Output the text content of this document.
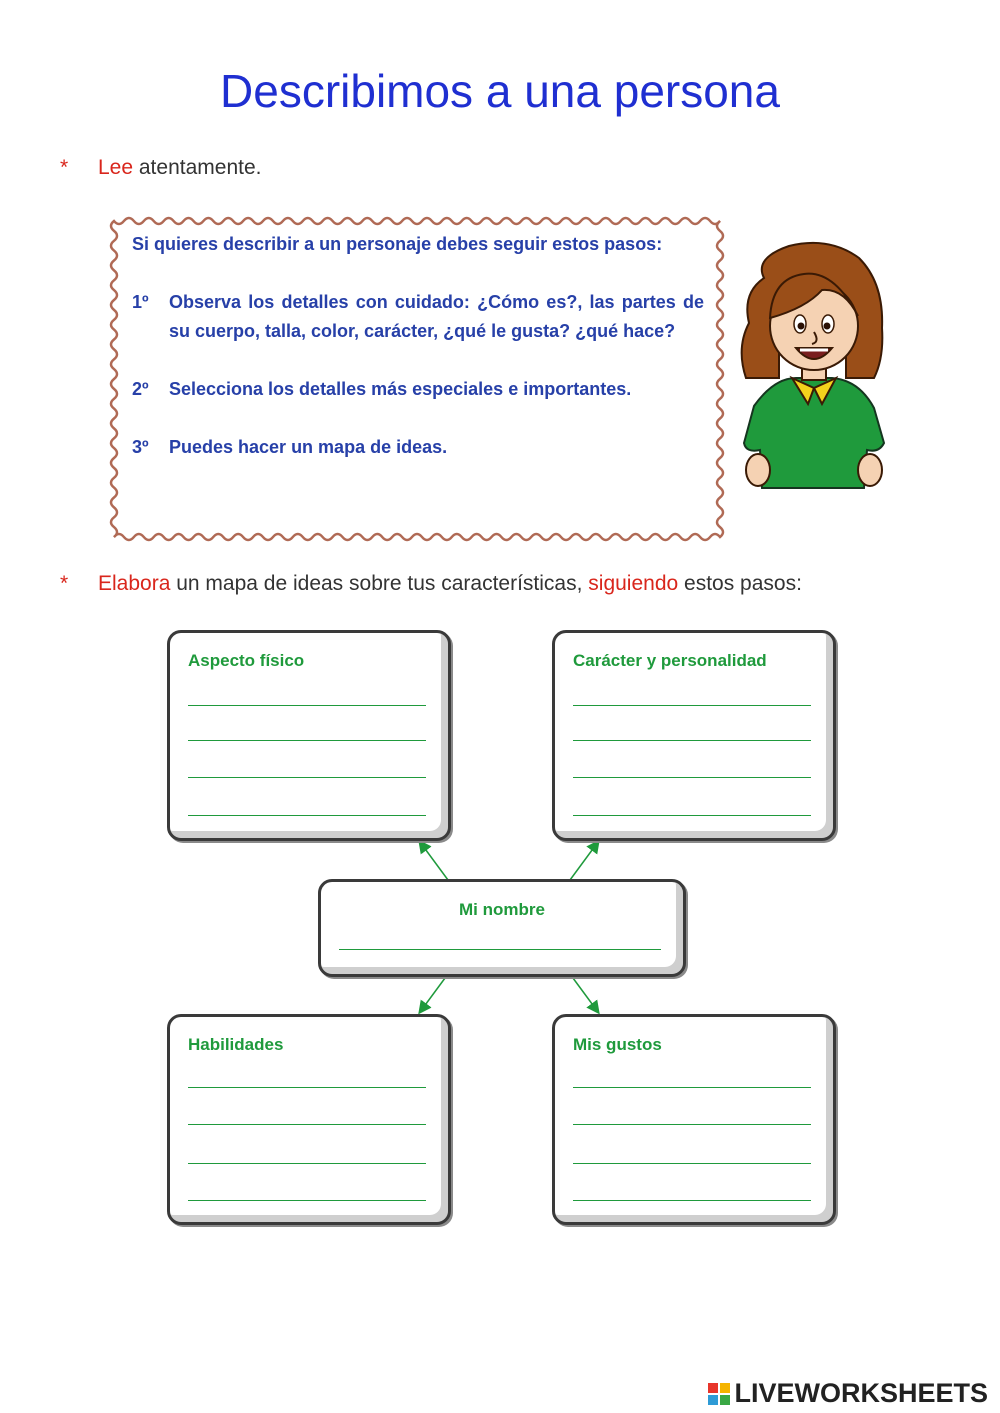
Describimos a una persona
* Lee atentamente.

Si quieres describir a un personaje debes seguir estos pasos:

1º	Observa los detalles con cuidado: ¿Cómo es?, las partes de su cuerpo, talla, color, carácter, ¿qué le gusta? ¿qué hace?
2º	Selecciona los detalles más especiales e importantes.
3º	Puedes hacer un mapa de ideas.
* Elabora un mapa de ideas sobre tus características, siguiendo estos pasos:
Aspecto físico	Carácter y personalidad
Mi nombre
Habilidades	Mis gustos
LIVEWORKSHEETS
